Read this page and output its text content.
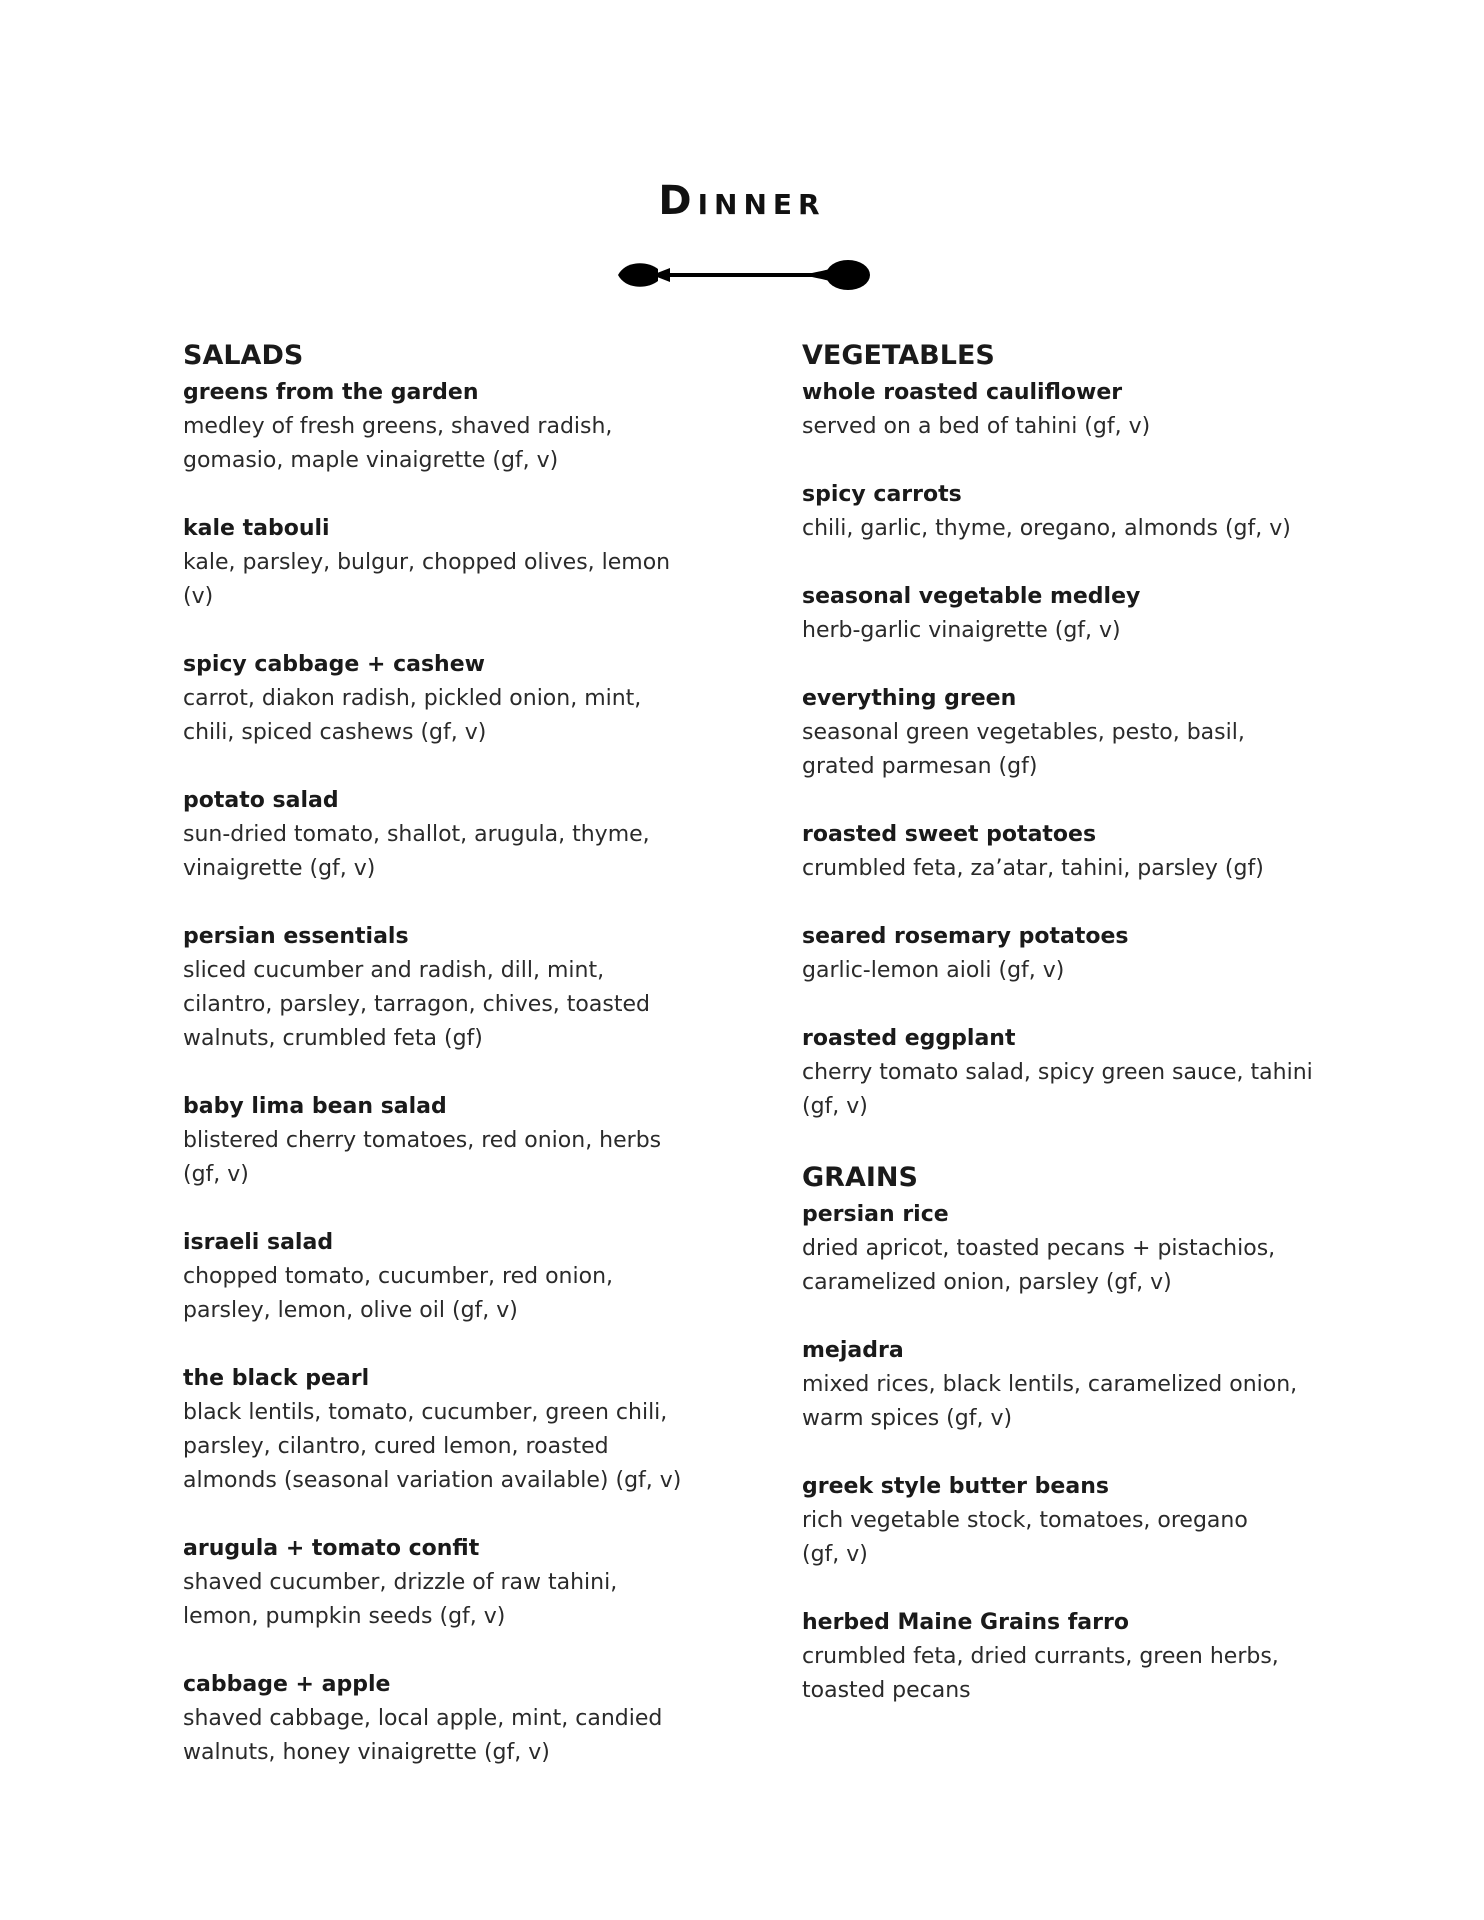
Dinner
SALADS
greens from the garden
medley of fresh greens, shaved radish,
gomasio, maple vinaigrette (gf, v)
kale tabouli
kale, parsley, bulgur, chopped olives, lemon
(v)
spicy cabbage + cashew
carrot, diakon radish, pickled onion, mint,
chili, spiced cashews (gf, v)
potato salad
sun-dried tomato, shallot, arugula, thyme,
vinaigrette (gf, v)
persian essentials
sliced cucumber and radish, dill, mint,
cilantro, parsley, tarragon, chives, toasted
walnuts, crumbled feta (gf)
baby lima bean salad
blistered cherry tomatoes, red onion, herbs
(gf, v)
israeli salad
chopped tomato, cucumber, red onion,
parsley, lemon, olive oil (gf, v)
the black pearl
black lentils, tomato, cucumber, green chili,
parsley, cilantro, cured lemon, roasted
almonds (seasonal variation available) (gf, v)
arugula + tomato confit
shaved cucumber, drizzle of raw tahini,
lemon, pumpkin seeds (gf, v)
cabbage + apple
shaved cabbage, local apple, mint, candied
walnuts, honey vinaigrette (gf, v)
VEGETABLES
whole roasted cauliflower
served on a bed of tahini (gf, v)
spicy carrots
chili, garlic, thyme, oregano, almonds (gf, v)
seasonal vegetable medley
herb-garlic vinaigrette (gf, v)
everything green
seasonal green vegetables, pesto, basil,
grated parmesan (gf)
roasted sweet potatoes
crumbled feta, za’atar, tahini, parsley (gf)
seared rosemary potatoes
garlic-lemon aioli (gf, v)
roasted eggplant
cherry tomato salad, spicy green sauce, tahini
(gf, v)
GRAINS
persian rice
dried apricot, toasted pecans + pistachios,
caramelized onion, parsley (gf, v)
mejadra
mixed rices, black lentils, caramelized onion,
warm spices (gf, v)
greek style butter beans
rich vegetable stock, tomatoes, oregano
(gf, v)
herbed Maine Grains farro
crumbled feta, dried currants, green herbs,
toasted pecans
